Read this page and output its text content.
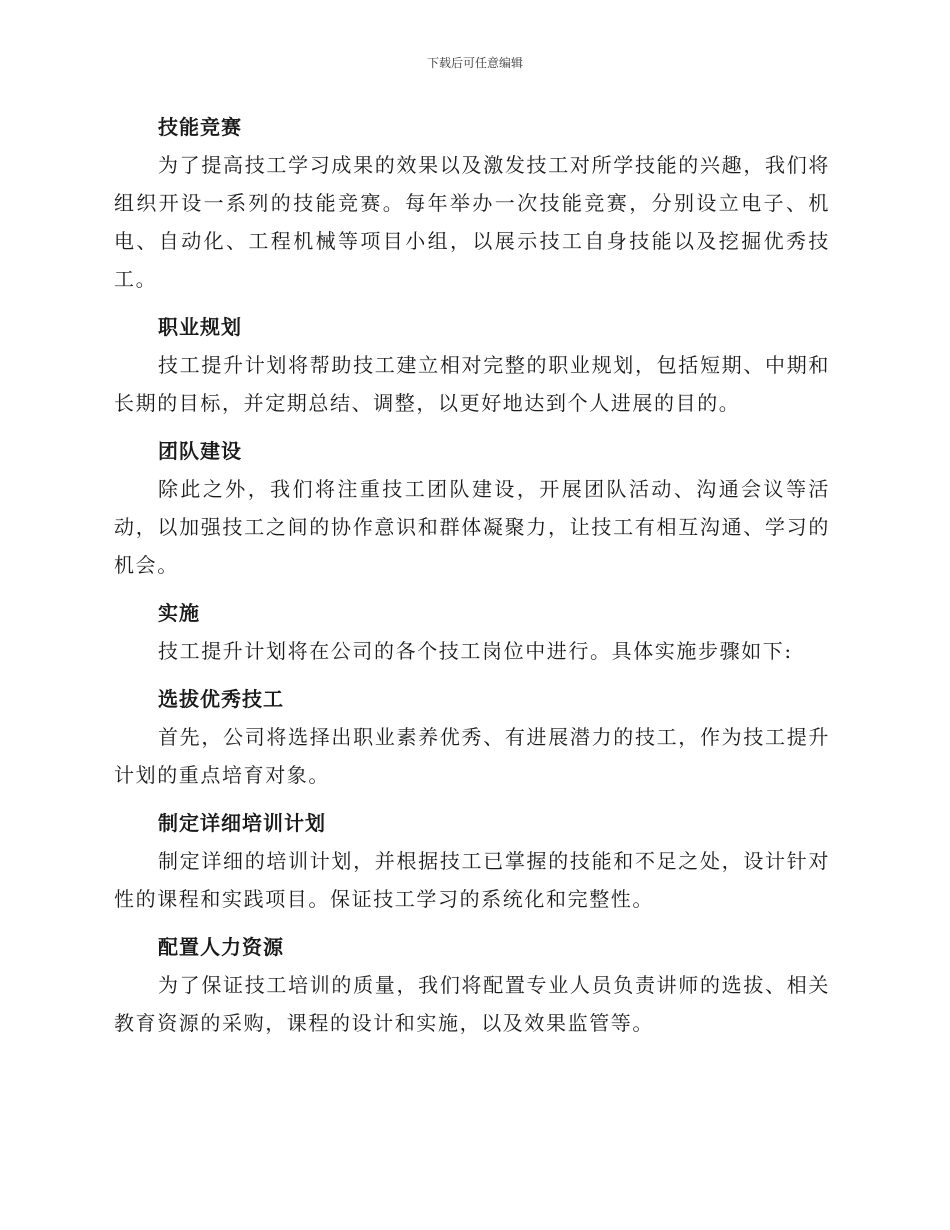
下载后可任意编辑
技能竞赛

为了提高技工学习成果的效果以及激发技工对所学技能的兴趣，我们将组织开设一系列的技能竞赛。每年举办一次技能竞赛，分别设立电子、机电、自动化、工程机械等项目小组，以展示技工自身技能以及挖掘优秀技工。

职业规划

技工提升计划将帮助技工建立相对完整的职业规划，包括短期、中期和长期的目标，并定期总结、调整，以更好地达到个人进展的目的。

团队建设

除此之外，我们将注重技工团队建设，开展团队活动、沟通会议等活动，以加强技工之间的协作意识和群体凝聚力，让技工有相互沟通、学习的机会。

实施

技工提升计划将在公司的各个技工岗位中进行。具体实施步骤如下:

选拔优秀技工

首先，公司将选择出职业素养优秀、有进展潜力的技工，作为技工提升计划的重点培育对象。

制定详细培训计划

制定详细的培训计划，并根据技工已掌握的技能和不足之处，设计针对性的课程和实践项目。保证技工学习的系统化和完整性。

配置人力资源

为了保证技工培训的质量，我们将配置专业人员负责讲师的选拔、相关教育资源的采购，课程的设计和实施，以及效果监管等。
